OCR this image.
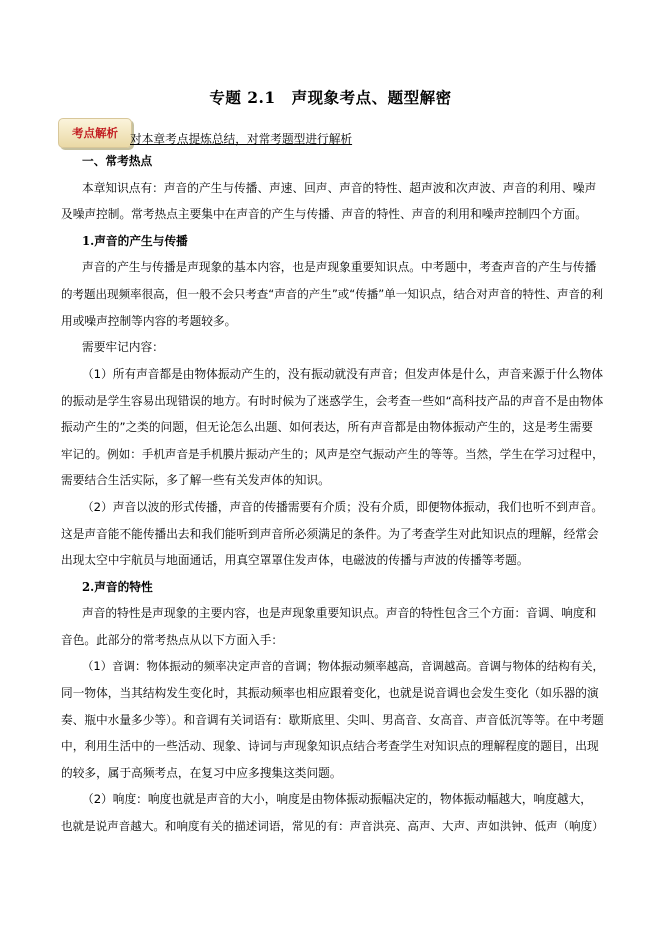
专题 2.1　声现象考点、题型解密
考点解析	对本章考点提炼总结，对常考题型进行解析
一、常考热点
本章知识点有：声音的产生与传播、声速、回声、声音的特性、超声波和次声波、声音的利用、噪声
及噪声控制。常考热点主要集中在声音的产生与传播、声音的特性、声音的利用和噪声控制四个方面。
1.声音的产生与传播
声音的产生与传播是声现象的基本内容，也是声现象重要知识点。中考题中，考查声音的产生与传播
的考题出现频率很高，但一般不会只考查“声音的产生”或“传播”单一知识点，结合对声音的特性、声音的利
用或噪声控制等内容的考题较多。
需要牢记内容：
（1）所有声音都是由物体振动产生的，没有振动就没有声音；但发声体是什么，声音来源于什么物体
的振动是学生容易出现错误的地方。有时时候为了迷惑学生，会考查一些如“高科技产品的声音不是由物体
振动产生的”之类的问题，但无论怎么出题、如何表达，所有声音都是由物体振动产生的，这是考生需要
牢记的。例如：手机声音是手机膜片振动产生的；风声是空气振动产生的等等。当然，学生在学习过程中，
需要结合生活实际，多了解一些有关发声体的知识。
（2）声音以波的形式传播，声音的传播需要有介质；没有介质，即便物体振动，我们也听不到声音。
这是声音能不能传播出去和我们能听到声音所必须满足的条件。为了考查学生对此知识点的理解，经常会
出现太空中宇航员与地面通话，用真空罩罩住发声体，电磁波的传播与声波的传播等考题。
2.声音的特性
声音的特性是声现象的主要内容，也是声现象重要知识点。声音的特性包含三个方面：音调、响度和
音色。此部分的常考热点从以下方面入手：
（1）音调：物体振动的频率决定声音的音调；物体振动频率越高，音调越高。音调与物体的结构有关，
同一物体，当其结构发生变化时，其振动频率也相应跟着变化，也就是说音调也会发生变化（如乐器的演
奏、瓶中水量多少等）。和音调有关词语有：歇斯底里、尖叫、男高音、女高音、声音低沉等等。在中考题
中，利用生活中的一些活动、现象、诗词与声现象知识点结合考查学生对知识点的理解程度的题目，出现
的较多，属于高频考点，在复习中应多搜集这类问题。
（2）响度：响度也就是声音的大小，响度是由物体振动振幅决定的，物体振动幅越大，响度越大，
也就是说声音越大。和响度有关的描述词语，常见的有：声音洪亮、高声、大声、声如洪钟、低声（响度）
